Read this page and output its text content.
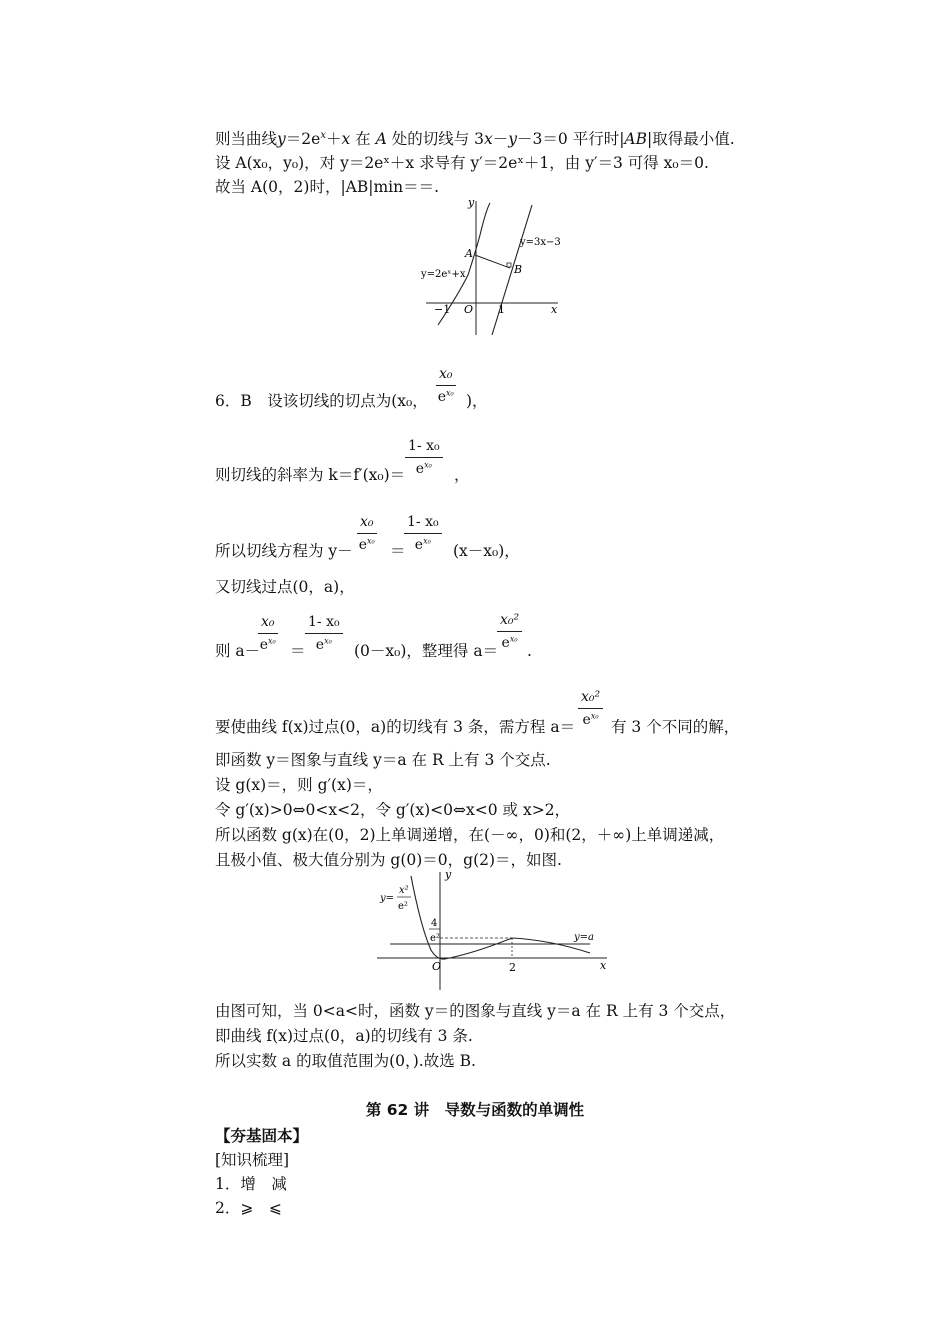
则当曲线$y=2e^x+x$ 在 A 处的切线与 3x－y－3＝0 平行时|AB|取得最小值.
设 A(x₀，y₀)，对 y＝2eˣ＋x 求导有 y′＝2eˣ＋1，由 y′＝3 可得 x₀＝0.
故当 A(0，2)时，|AB|min＝＝.
y
x
O
−1	1
A
B
y=2eˣ+x
y=3x−3
6．B　设该切线的切点为(x₀， $\frac{\text{x₀}}{e^{x_0}}$ )，
则切线的斜率为 $k=f'(x_0)= \frac{\text{1- x₀}}{e^{x_0}}$ ，
所以切线方程为 $y- \frac{\text{x₀}}{e^{x_0}}$ ＝
$\frac{\text{1- x₀}}{e^{x_0}} (x-x_0)$，
又切线过点(0，a)，
则 a－
$\frac{\text{x₀}}{e^{x_0}} = \frac{\text{1- x₀}}{e^{x_0}} (0-x_0)$，整理得 a＝
$\frac{\text{x₀²}}{e^{x_0}}$ .
要使曲线 f(x)过点(0，a)的切线有 3 条，需方程 $a= \frac{\text{x₀²}}{e^{x_0}}$ 有 3 个不同的解，
即函数 y＝图象与直线 y＝a 在 R 上有 3 个交点.
设 g(x)＝，则 g′(x)＝，
令 g′(x)>0⇔0<x<2，令 g′(x)<0⇔x<0 或 x>2，
所以函数 g(x)在(0，2)上单调递增，在(－∞，0)和(2，＋∞)上单调递减，
且极小值、极大值分别为 g(0)＝0，g(2)＝，如图.
y
x
O	2
4
e²	y=a
y=
x²
e²
由图可知，当 0<a<时，函数 y＝的图象与直线 y＝a 在 R 上有 3 个交点，
即曲线 f(x)过点(0，a)的切线有 3 条.
所以实数 a 的取值范围为(0，).故选 B.
第 62 讲　导数与函数的单调性
【夯基固本】
[知识梳理]
1．增　减
2．⩾　⩽
